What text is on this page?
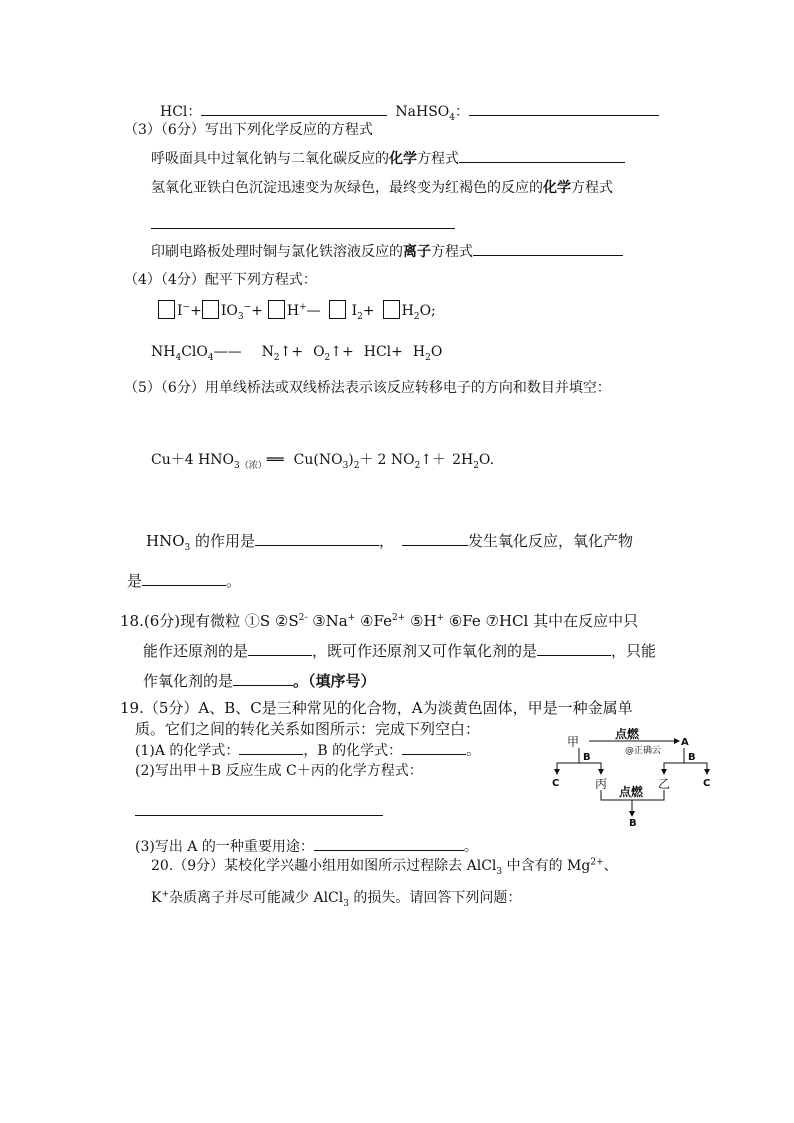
HCl：	NaHSO$_4$：
（3）（6分）写出下列化学反应的方程式
呼吸面具中过氧化钠与二氧化碳反应的化学方程式
氢氧化亚铁白色沉淀迅速变为灰绿色，最终变为红褐色的反应的化学方程式
印刷电路板处理时铜与氯化铁溶液反应的离子方程式
（4）（4分）配平下列方程式：
$I^-+ IO_3^-+$ H+— $I_2+ H_2O$;
$NH_4ClO_4——$ $N_2↑+$ $O_2↑+ HCl+ H_2O$
（5）（6分）用单线桥法或双线桥法表示该反应转移电子的方向和数目并填空：
Cu＋4 $HNO_{3(浓)}══$ $Cu(NO_3)_2+ 2$ $NO_2↑+ 2H_2O$.
$HNO_3$ 的作用是	，	发生氧化反应，氧化产物
是	。
18.(6分)现有微粒 ①S $②S^{2-}$ ③Na+ $④Fe^{2+}$ ⑤H+ ⑥Fe ⑦HCl 其中在反应中只
能作还原剂的是	，既可作还原剂又可作氧化剂的是	，只能
作氧化剂的是	。（填序号）
19.（5分）A、B、C是三种常见的化合物，A为淡黄色固体，甲是一种金属单
质。它们之间的转化关系如图所示：完成下列空白：
(1)A 的化学式：	，B 的化学式：	。
(2)写出甲＋B 反应生成 C＋丙的化学方程式：
(3)写出 A 的一种重要用途：	。
甲
点燃
@正确云
A
B	B
C	丙	乙	C
点燃
B
20.（9分）某校化学兴趣小组用如图所示过程除去 AlCl$_3$ 中含有的 $Mg^{2+}$、
K+杂质离子并尽可能减少 AlCl$_3$ 的损失。请回答下列问题：
